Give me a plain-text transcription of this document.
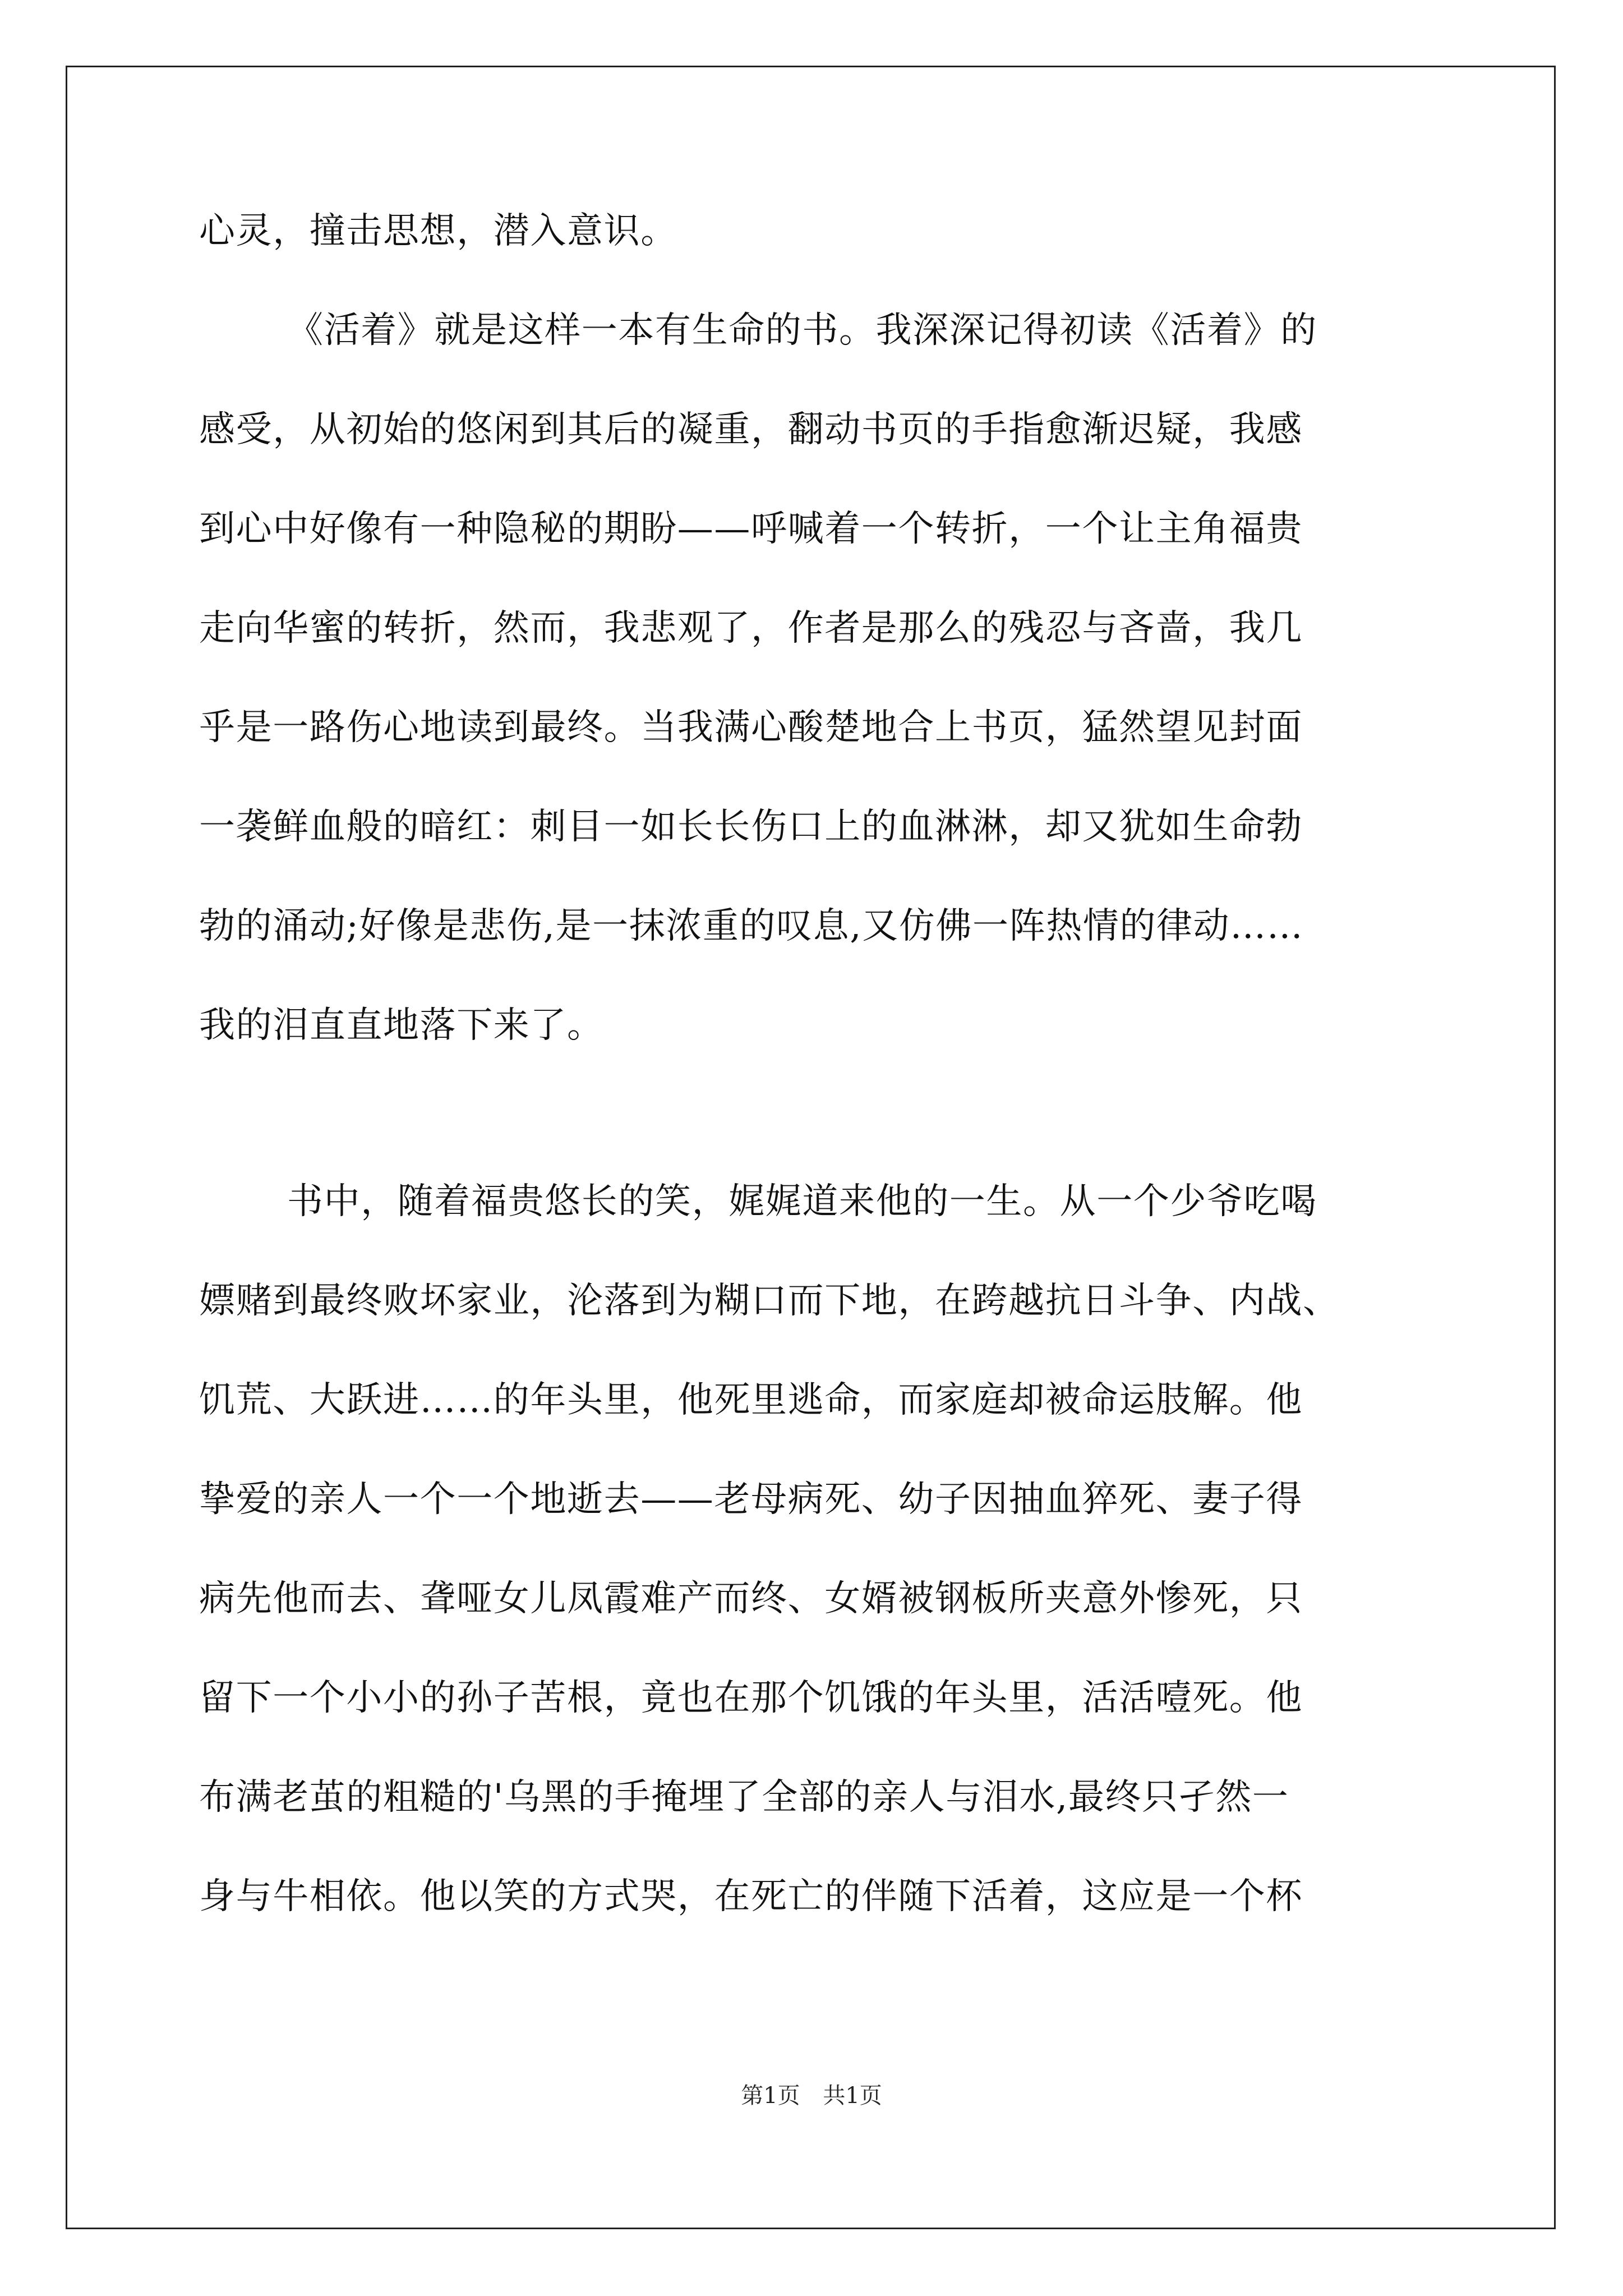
心灵，撞击思想，潜入意识。

《活着》就是这样一本有生命的书。我深深记得初读《活着》的

感受，从初始的悠闲到其后的凝重，翻动书页的手指愈渐迟疑，我感

到心中好像有一种隐秘的期盼——呼喊着一个转折，一个让主角福贵

走向华蜜的转折，然而，我悲观了，作者是那么的残忍与吝啬，我几

乎是一路伤心地读到最终。当我满心酸楚地合上书页，猛然望见封面

一袭鲜血般的暗红：刺目一如长长伤口上的血淋淋，却又犹如生命勃

勃的涌动;好像是悲伤,是一抹浓重的叹息,又仿佛一阵热情的律动……

我的泪直直地落下来了。

书中，随着福贵悠长的笑，娓娓道来他的一生。从一个少爷吃喝

嫖赌到最终败坏家业，沦落到为糊口而下地，在跨越抗日斗争、内战、

饥荒、大跃进……的年头里，他死里逃命，而家庭却被命运肢解。他

挚爱的亲人一个一个地逝去——老母病死、幼子因抽血猝死、妻子得

病先他而去、聋哑女儿凤霞难产而终、女婿被钢板所夹意外惨死，只

留下一个小小的孙子苦根，竟也在那个饥饿的年头里，活活噎死。他

布满老茧的粗糙的'乌黑的手掩埋了全部的亲人与泪水,最终只孑然一

身与牛相依。他以笑的方式哭，在死亡的伴随下活着，这应是一个杯

第1页 共1页
